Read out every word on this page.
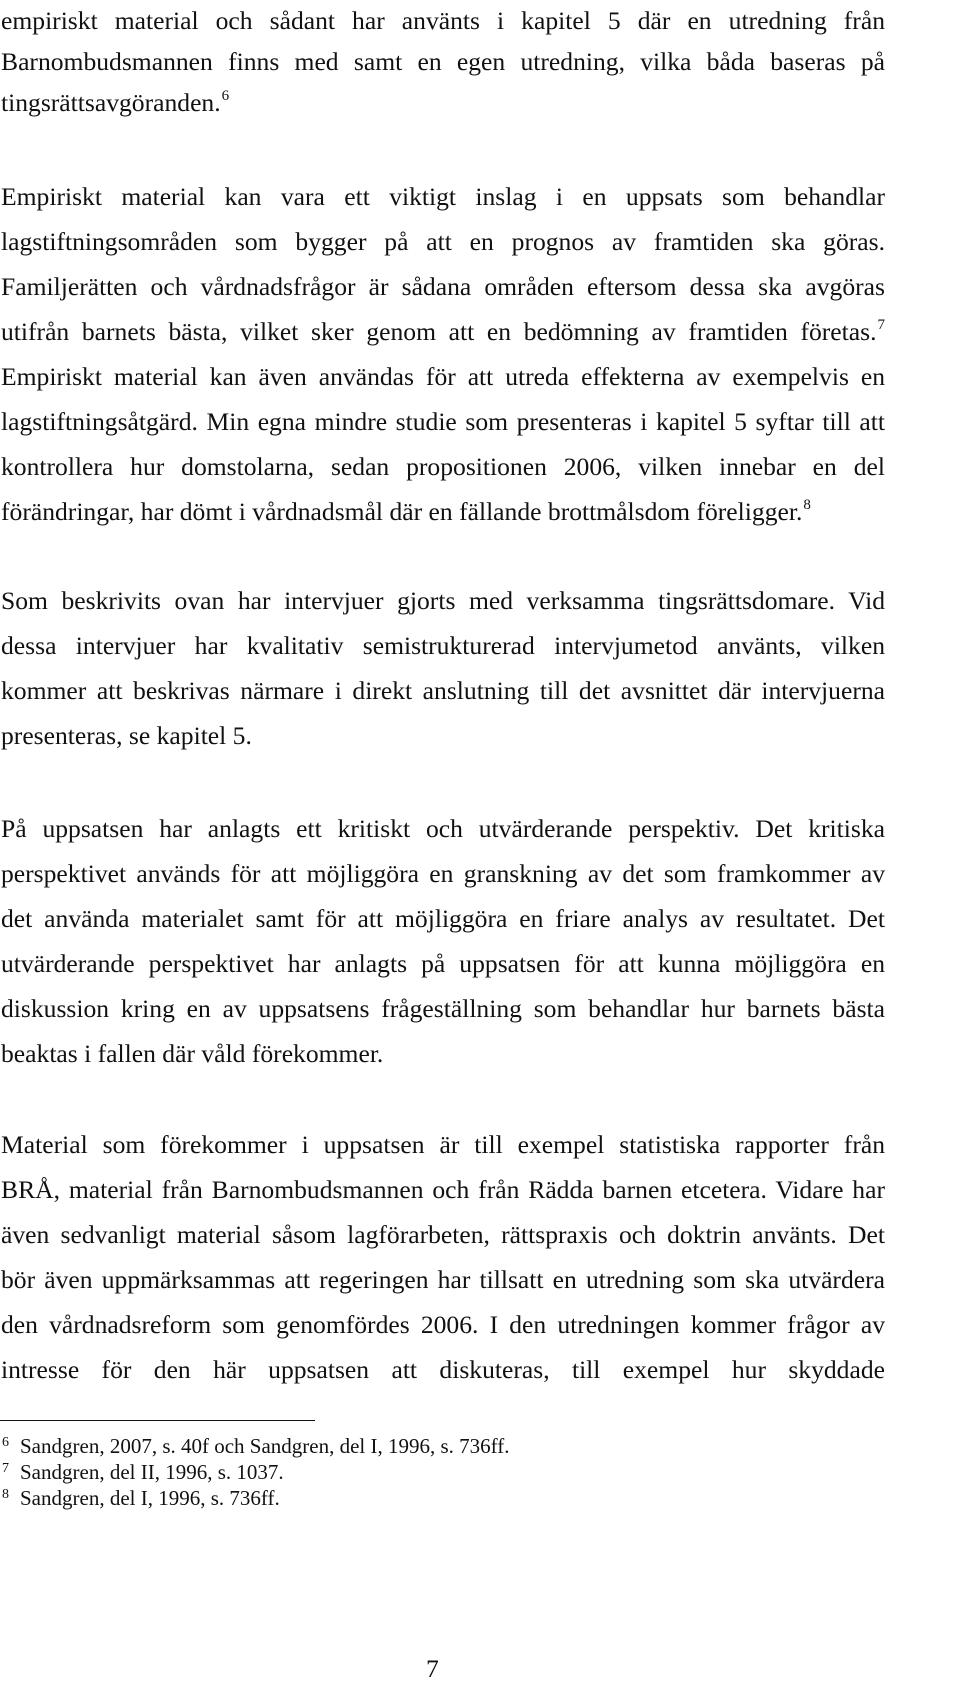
empiriskt material och sådant har använts i kapitel 5 där en utredning från
Barnombudsmannen finns med samt en egen utredning, vilka båda baseras på
tingsrättsavgöranden.$^6$
Empiriskt material kan vara ett viktigt inslag i en uppsats som behandlar
lagstiftningsområden som bygger på att en prognos av framtiden ska göras.
Familjerätten och vårdnadsfrågor är sådana områden eftersom dessa ska avgöras
utifrån barnets bästa, vilket sker genom att en bedömning av framtiden företas.$^7$
Empiriskt material kan även användas för att utreda effekterna av exempelvis en
lagstiftningsåtgärd. Min egna mindre studie som presenteras i kapitel 5 syftar till att
kontrollera hur domstolarna, sedan propositionen 2006, vilken innebar en del
förändringar, har dömt i vårdnadsmål där en fällande brottmålsdom föreligger.$^8$
Som beskrivits ovan har intervjuer gjorts med verksamma tingsrättsdomare. Vid
dessa intervjuer har kvalitativ semistrukturerad intervjumetod använts, vilken
kommer att beskrivas närmare i direkt anslutning till det avsnittet där intervjuerna
presenteras, se kapitel 5.
På uppsatsen har anlagts ett kritiskt och utvärderande perspektiv. Det kritiska
perspektivet används för att möjliggöra en granskning av det som framkommer av
det använda materialet samt för att möjliggöra en friare analys av resultatet. Det
utvärderande perspektivet har anlagts på uppsatsen för att kunna möjliggöra en
diskussion kring en av uppsatsens frågeställning som behandlar hur barnets bästa
beaktas i fallen där våld förekommer.
Material som förekommer i uppsatsen är till exempel statistiska rapporter från
BRÅ, material från Barnombudsmannen och från Rädda barnen etcetera. Vidare har
även sedvanligt material såsom lagförarbeten, rättspraxis och doktrin använts. Det
bör även uppmärksammas att regeringen har tillsatt en utredning som ska utvärdera
den vårdnadsreform som genomfördes 2006. I den utredningen kommer frågor av
intresse för den här uppsatsen att diskuteras, till exempel hur skyddade
6 Sandgren, 2007, s. 40f och Sandgren, del I, 1996, s. 736ff.
7 Sandgren, del II, 1996, s. 1037.
8 Sandgren, del I, 1996, s. 736ff.
7
